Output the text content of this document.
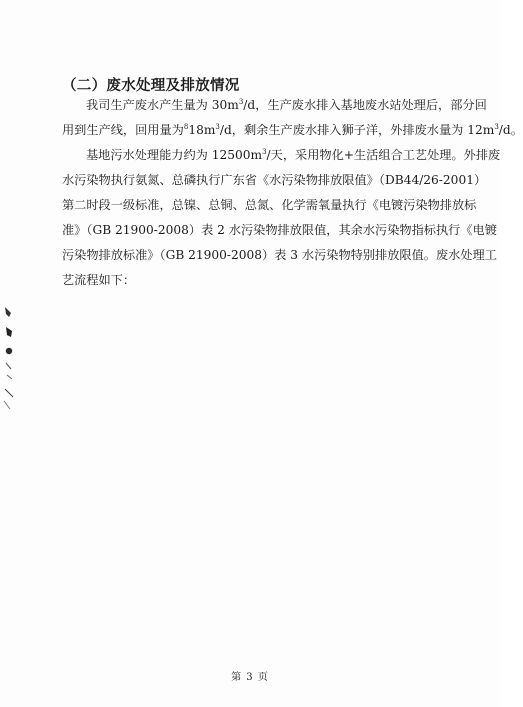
（二）废水处理及排放情况
我司生产废水产生量为 $30m^3/d$，生产废水排入基地废水站处理后，部分回
用到生产线，回用量为$^818m^3/d$，剩余生产废水排入狮子洋，外排废水量为 $12m^3/d$。
基地污水处理能力约为 $12500m^3/$天，采用物化+生活组合工艺处理。外排废
水污染物执行氨氮、总磷执行广东省《水污染物排放限值》（DB44/26-2001）
第二时段一级标准，总镍、总铜、总氮、化学需氧量执行《电镀污染物排放标
准》（GB 21900-2008）表 2 水污染物排放限值，其余水污染物指标执行《电镀
污染物排放标准》（GB 21900-2008）表 3 水污染物特别排放限值。废水处理工
艺流程如下：
第 3 页
